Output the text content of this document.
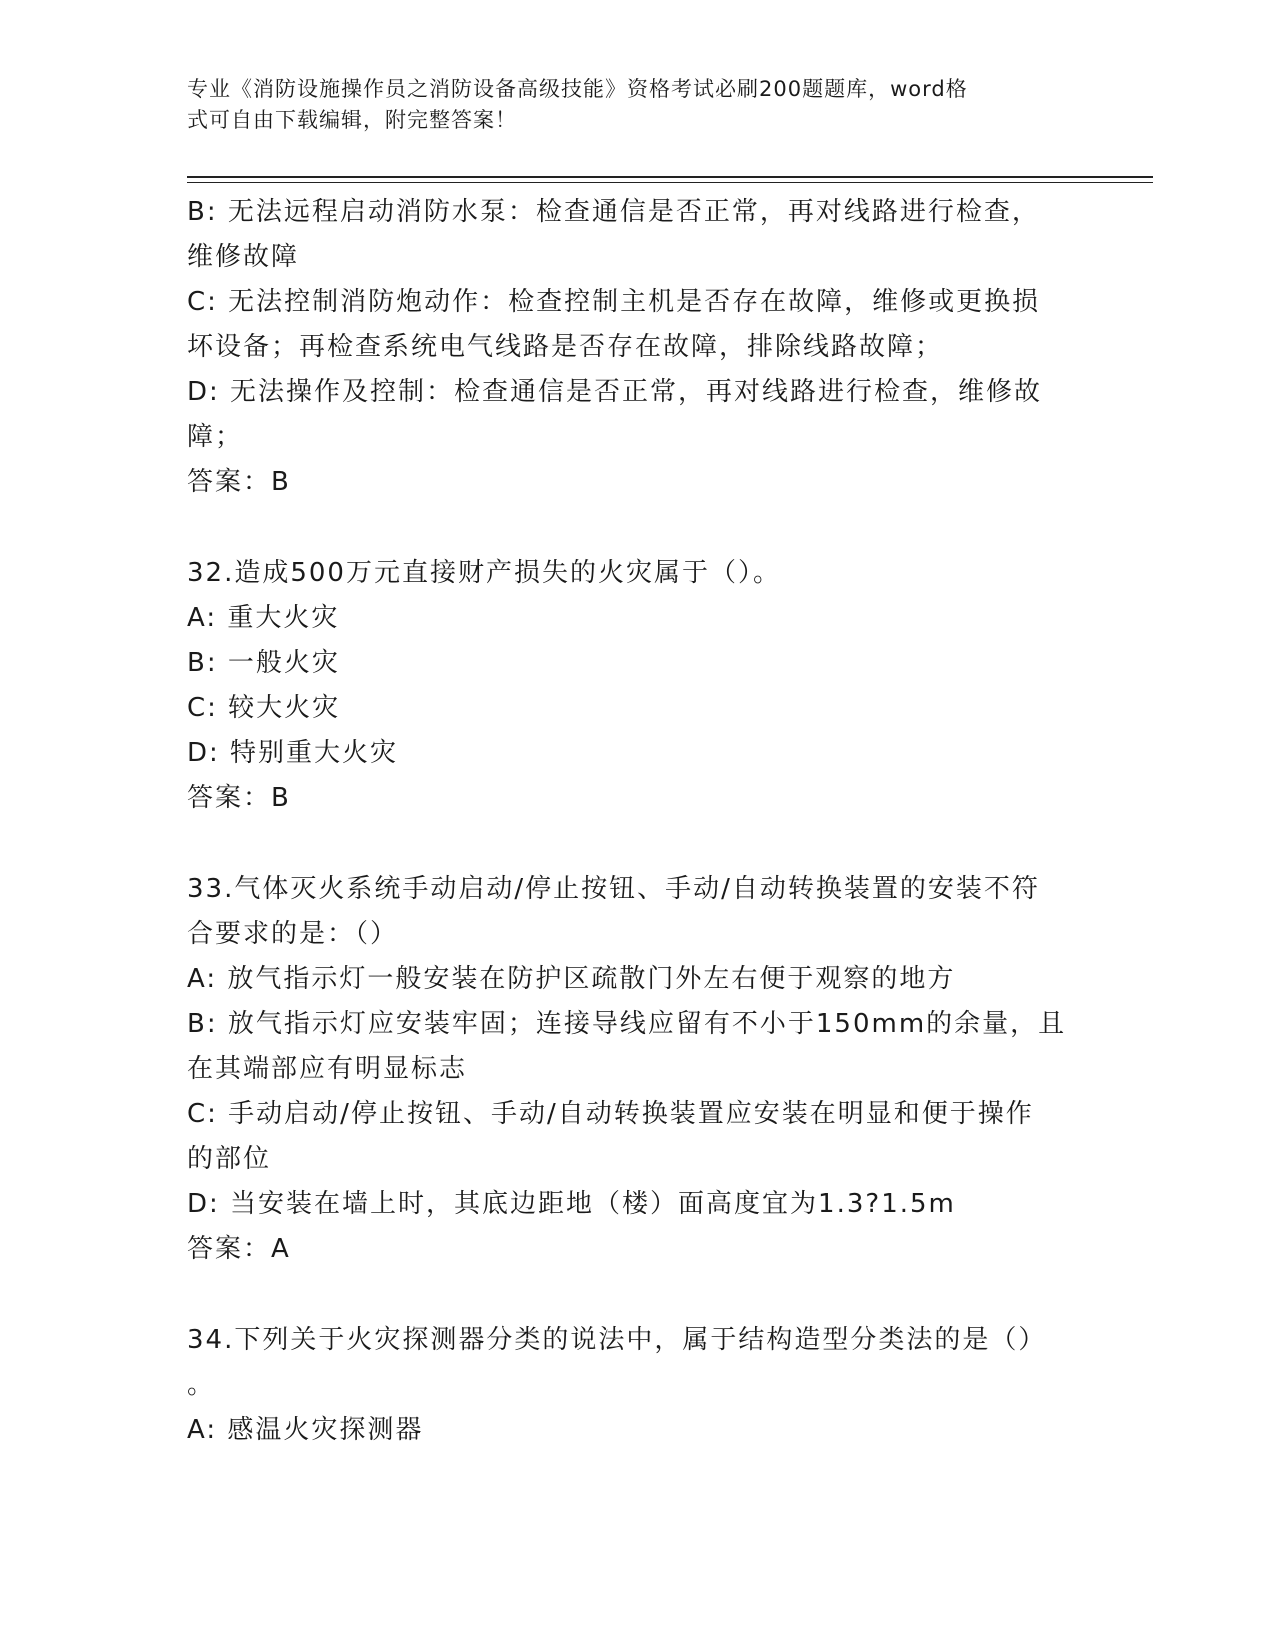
专业《消防设施操作员之消防设备高级技能》资格考试必刷200题题库，word格
式可自由下载编辑，附完整答案！

B: 无法远程启动消防水泵：检查通信是否正常，再对线路进行检查，

维修故障

C: 无法控制消防炮动作：检查控制主机是否存在故障，维修或更换损

坏设备；再检查系统电气线路是否存在故障，排除线路故障；

D: 无法操作及控制：检查通信是否正常，再对线路进行检查，维修故

障；

答案：B

32.造成500万元直接财产损失的火灾属于（）。

A: 重大火灾

B: 一般火灾

C: 较大火灾

D: 特别重大火灾

答案：B

33.气体灭火系统手动启动/停止按钮、手动/自动转换装置的安装不符

合要求的是：（）

A: 放气指示灯一般安装在防护区疏散门外左右便于观察的地方

B: 放气指示灯应安装牢固；连接导线应留有不小于150mm的余量，且

在其端部应有明显标志

C: 手动启动/停止按钮、手动/自动转换装置应安装在明显和便于操作

的部位

D: 当安装在墙上时，其底边距地（楼）面高度宜为1.3?1.5m

答案：A

34.下列关于火灾探测器分类的说法中，属于结构造型分类法的是（）

。

A: 感温火灾探测器
